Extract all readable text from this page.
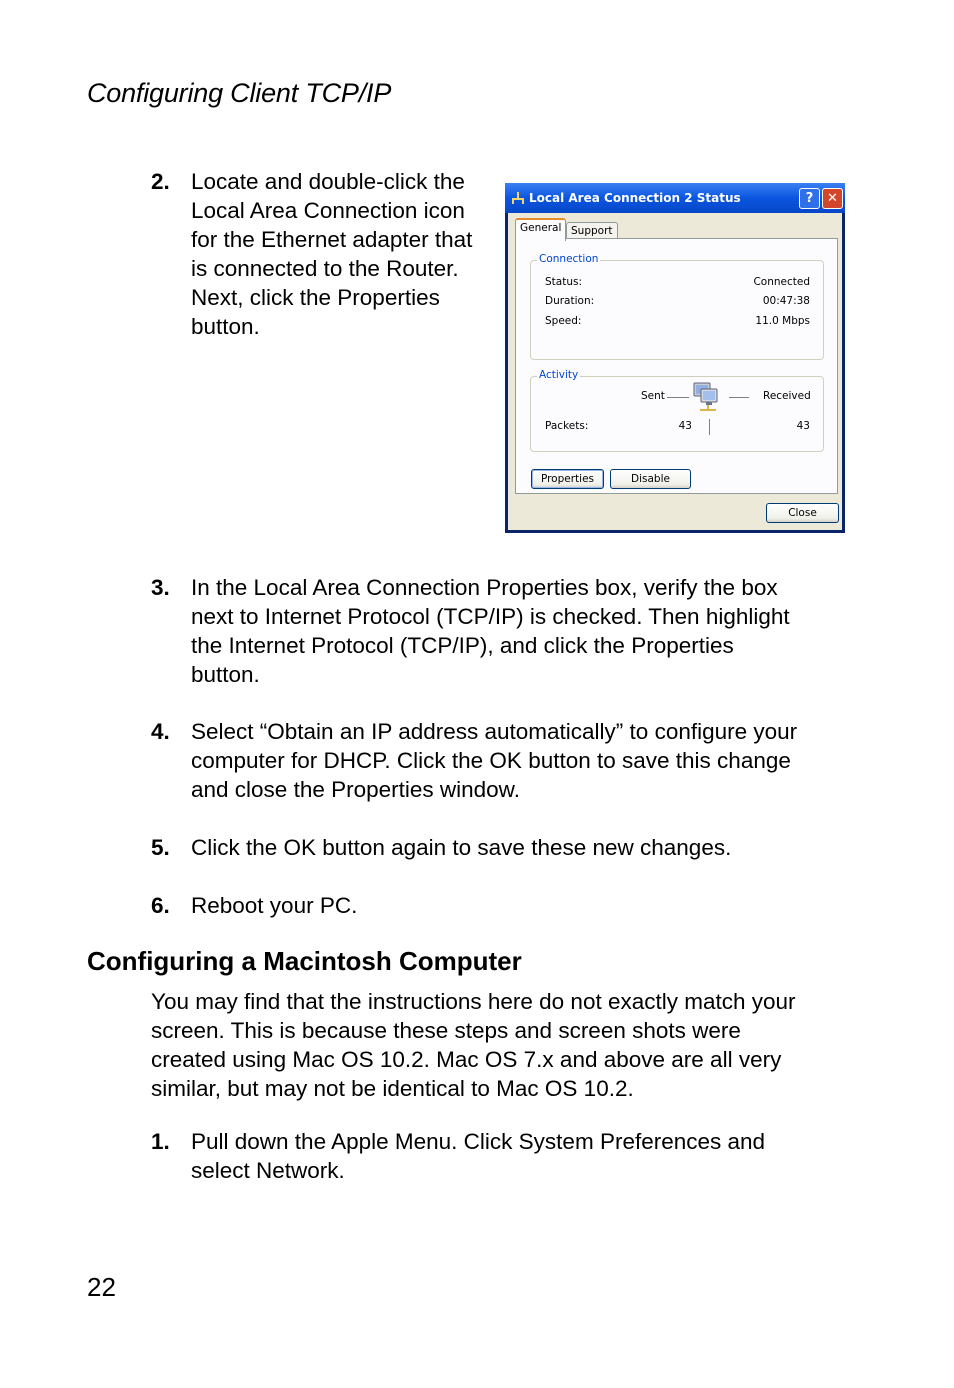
Configuring Client TCP/IP
2. Locate and double-click the
Local Area Connection icon
for the Ethernet adapter that
is connected to the Router.
Next, click the Properties
button.
Local Area Connection 2 Status	?	✕
General Support
Connection
Status:	Connected
Duration:	00:47:38
Speed:	11.0 Mbps
Activity
Sent	Received
Packets:	43	43
Properties	Disable
Close
3. In the Local Area Connection Properties box, verify the box
next to Internet Protocol (TCP/IP) is checked. Then highlight
the Internet Protocol (TCP/IP), and click the Properties
button.
4. Select “Obtain an IP address automatically” to configure your
computer for DHCP. Click the OK button to save this change
and close the Properties window.
5. Click the OK button again to save these new changes.
6. Reboot your PC.
Configuring a Macintosh Computer
You may find that the instructions here do not exactly match your
screen. This is because these steps and screen shots were
created using Mac OS 10.2. Mac OS 7.x and above are all very
similar, but may not be identical to Mac OS 10.2.
1. Pull down the Apple Menu. Click System Preferences and
select Network.
22
